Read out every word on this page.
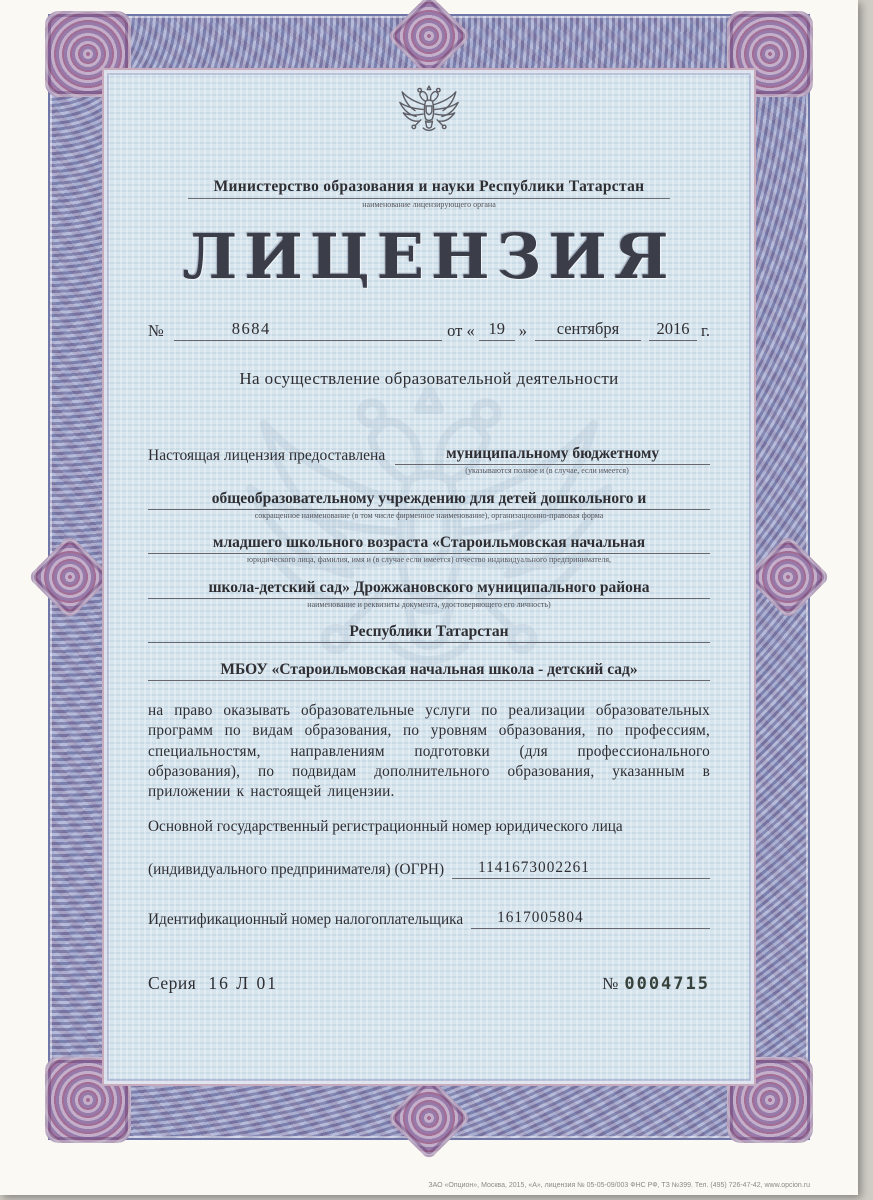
Министерство образования и науки Республики Татарстан
наименование лицензирующего органа
ЛИЦЕНЗИЯ
№	8684	от « 19 »	сентября	2016 г.
На осуществление образовательной деятельности
Настоящая лицензия предоставлена	муниципальному бюджетному
(указываются полное и (в случае, если имеется)
общеобразовательному учреждению для детей дошкольного и
сокращенное наименование (в том числе фирменное наименование), организационно-правовая форма
младшего школьного возраста «Староильмовская начальная
юридического лица, фамилия, имя и (в случае если имеется) отчество индивидуального предпринимателя,
школа-детский сад» Дрожжановского муниципального района
наименование и реквизиты документа, удостоверяющего его личность)
Республики Татарстан
МБОУ «Староильмовская начальная школа - детский сад»
на право оказывать образовательные услуги по реализации образовательных программ по видам образования, по уровням образования, по профессиям, специальностям, направлениям подготовки (для профессионального образования), по подвидам дополнительного образования, указанным в приложении к настоящей лицензии.
Основной государственный регистрационный номер юридического лица
(индивидуального предпринимателя) (ОГРН)	1141673002261
Идентификационный номер налогоплательщика	1617005804
Серия 16 Л 01	№ 0004715
ЗАО «Опцион», Москва, 2015, «А», лицензия № 05-05-09/003 ФНС РФ, ТЗ №399. Тел. (495) 726-47-42, www.opcion.ru
